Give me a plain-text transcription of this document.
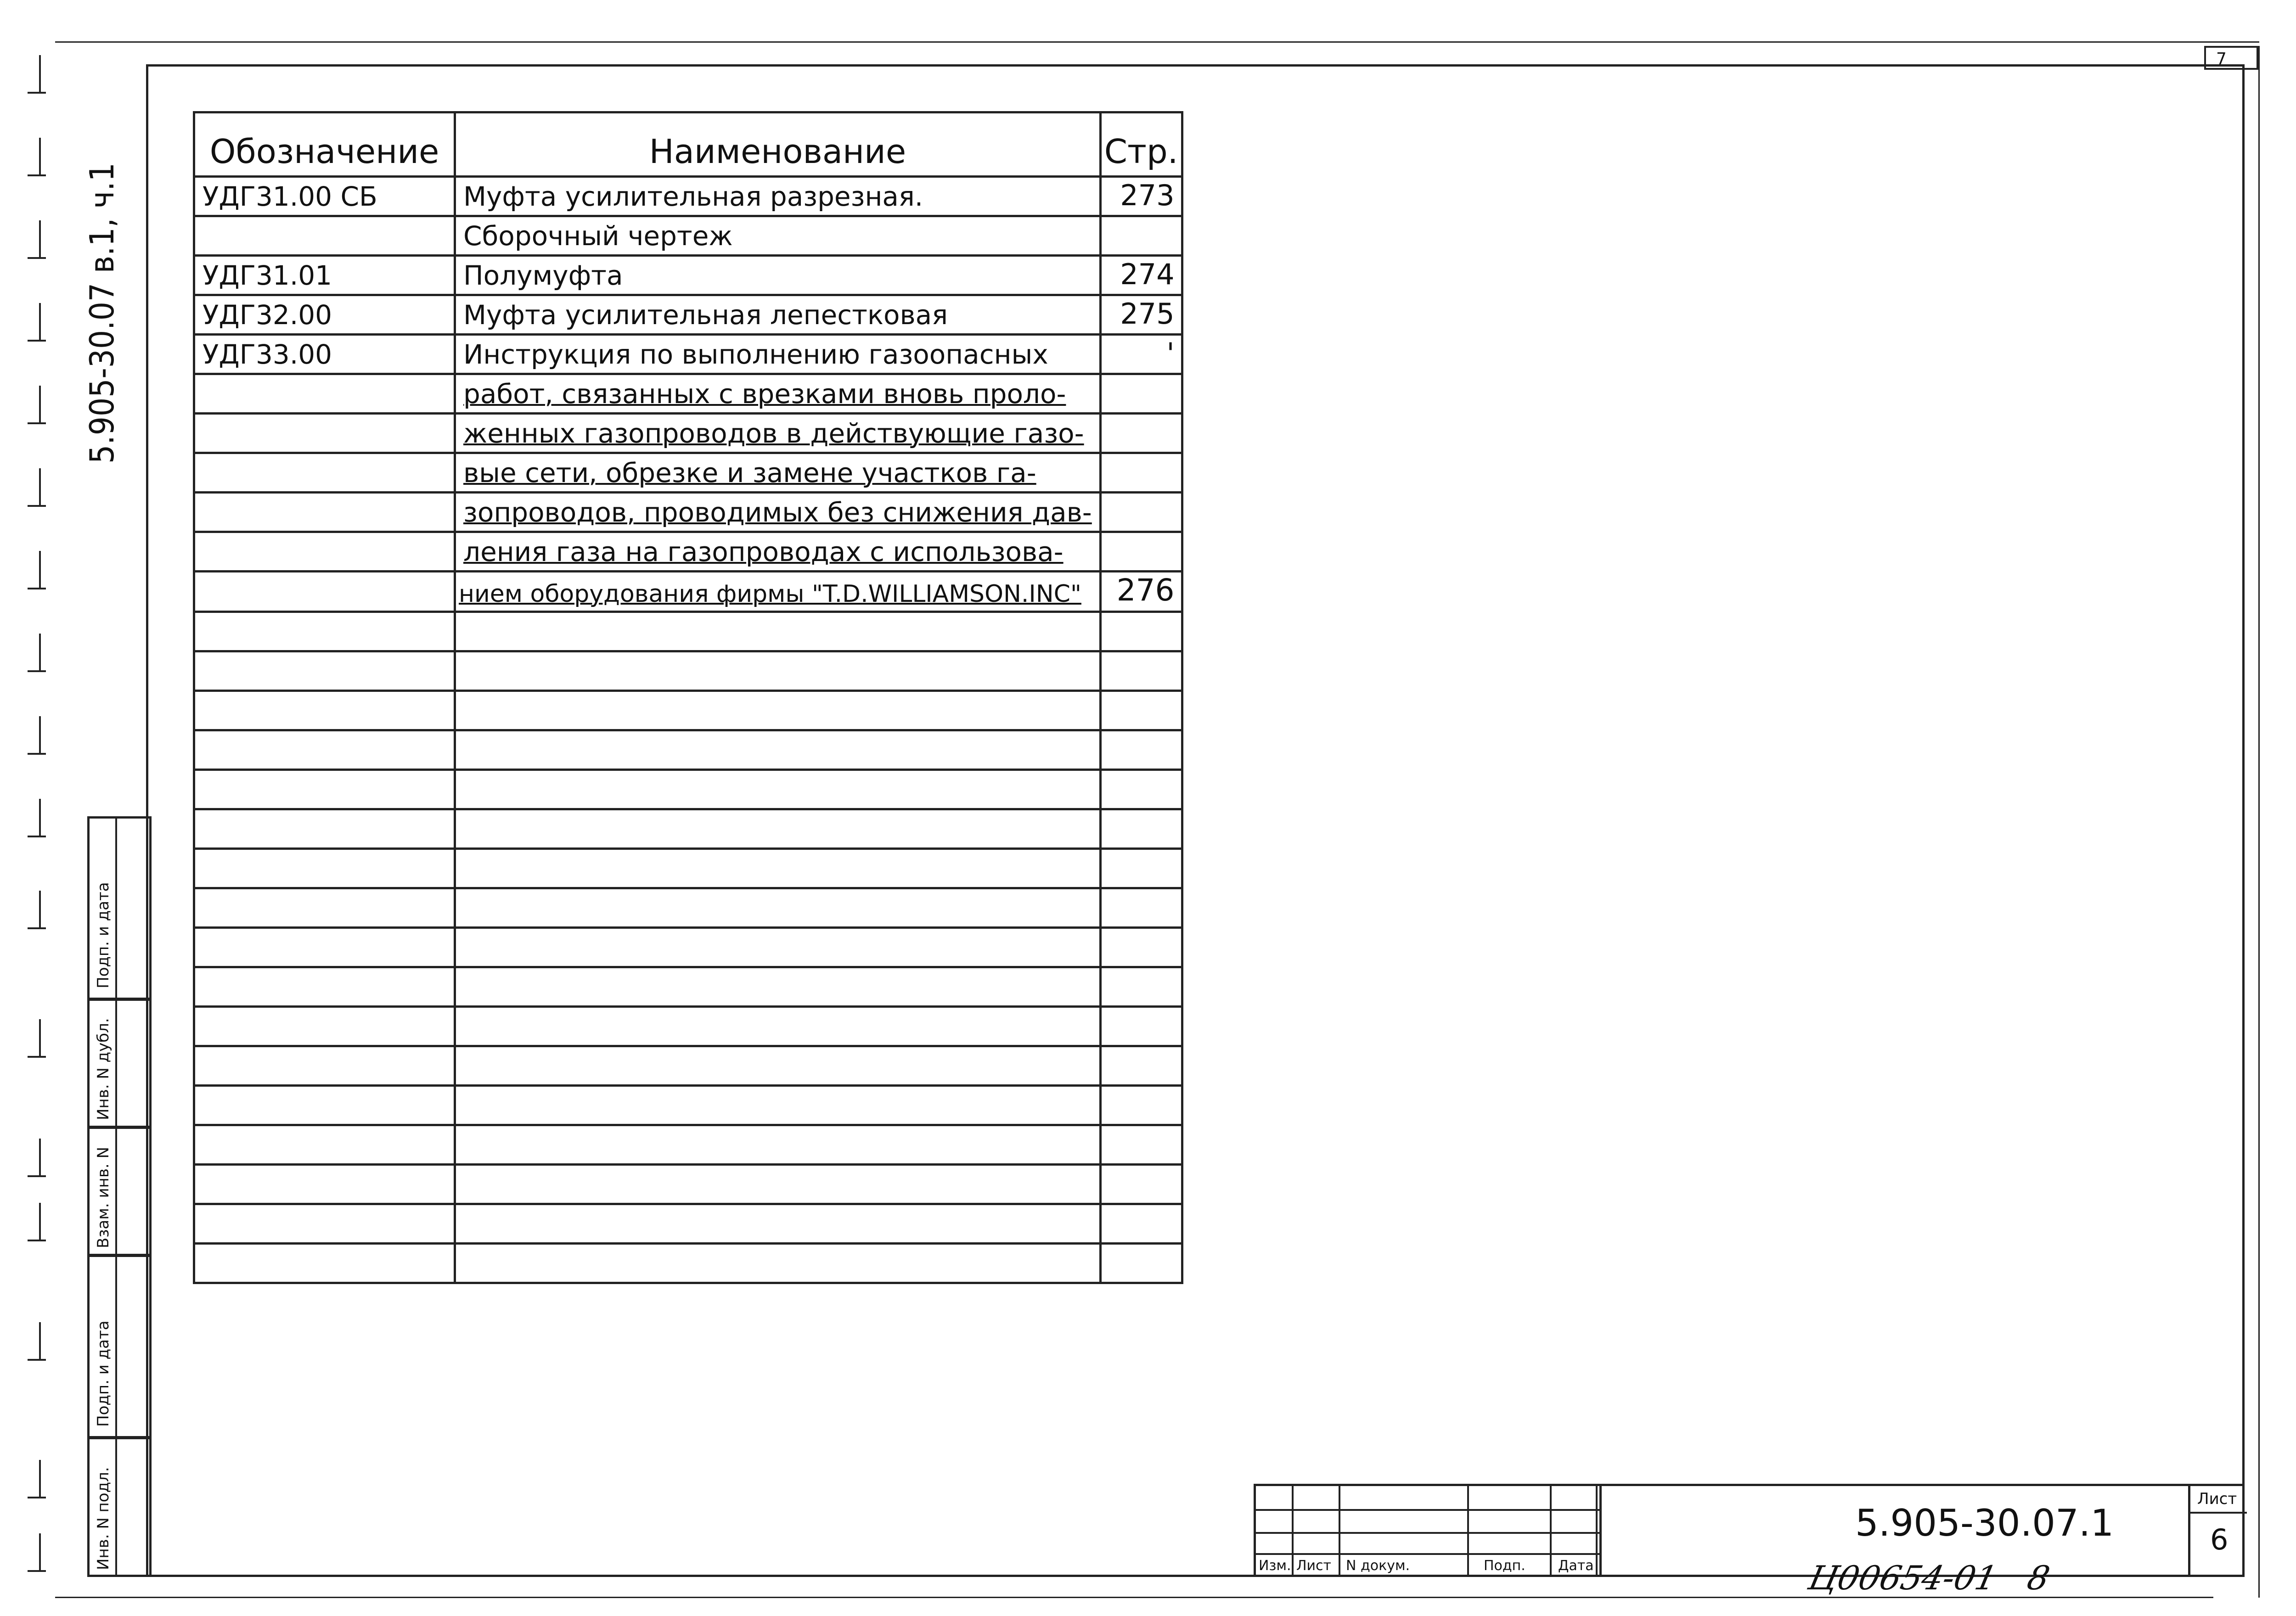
7
5.905-30.07 в.1, ч.1
Обозначение	Наименование	Стр.
УДГ31.00 СБ	Муфта усилительная разрезная.	273
	Сборочный чертеж	
УДГ31.01	Полумуфта	274
УДГ32.00	Муфта усилительная лепестковая	275
УДГ33.00	Инструкция по выполнению газоопасных	'
	работ, связанных с врезками вновь проло-	
	женных газопроводов в действующие газо-	
	вые сети, обрезке и замене участков га-	
	зопроводов, проводимых без снижения дав-	
	ления газа на газопроводах с использова-	
	нием оборудования фирмы "T.D.WILLIAMSON.INC"	276

Подп. и дата
Инв. N дубл.
Взам. инв. N
Подп. и дата
Инв. N подл.	Изм. Лист N докум.	Подп. Дата
5.905-30.07.1
Лист
6
Ц00654-01   8
